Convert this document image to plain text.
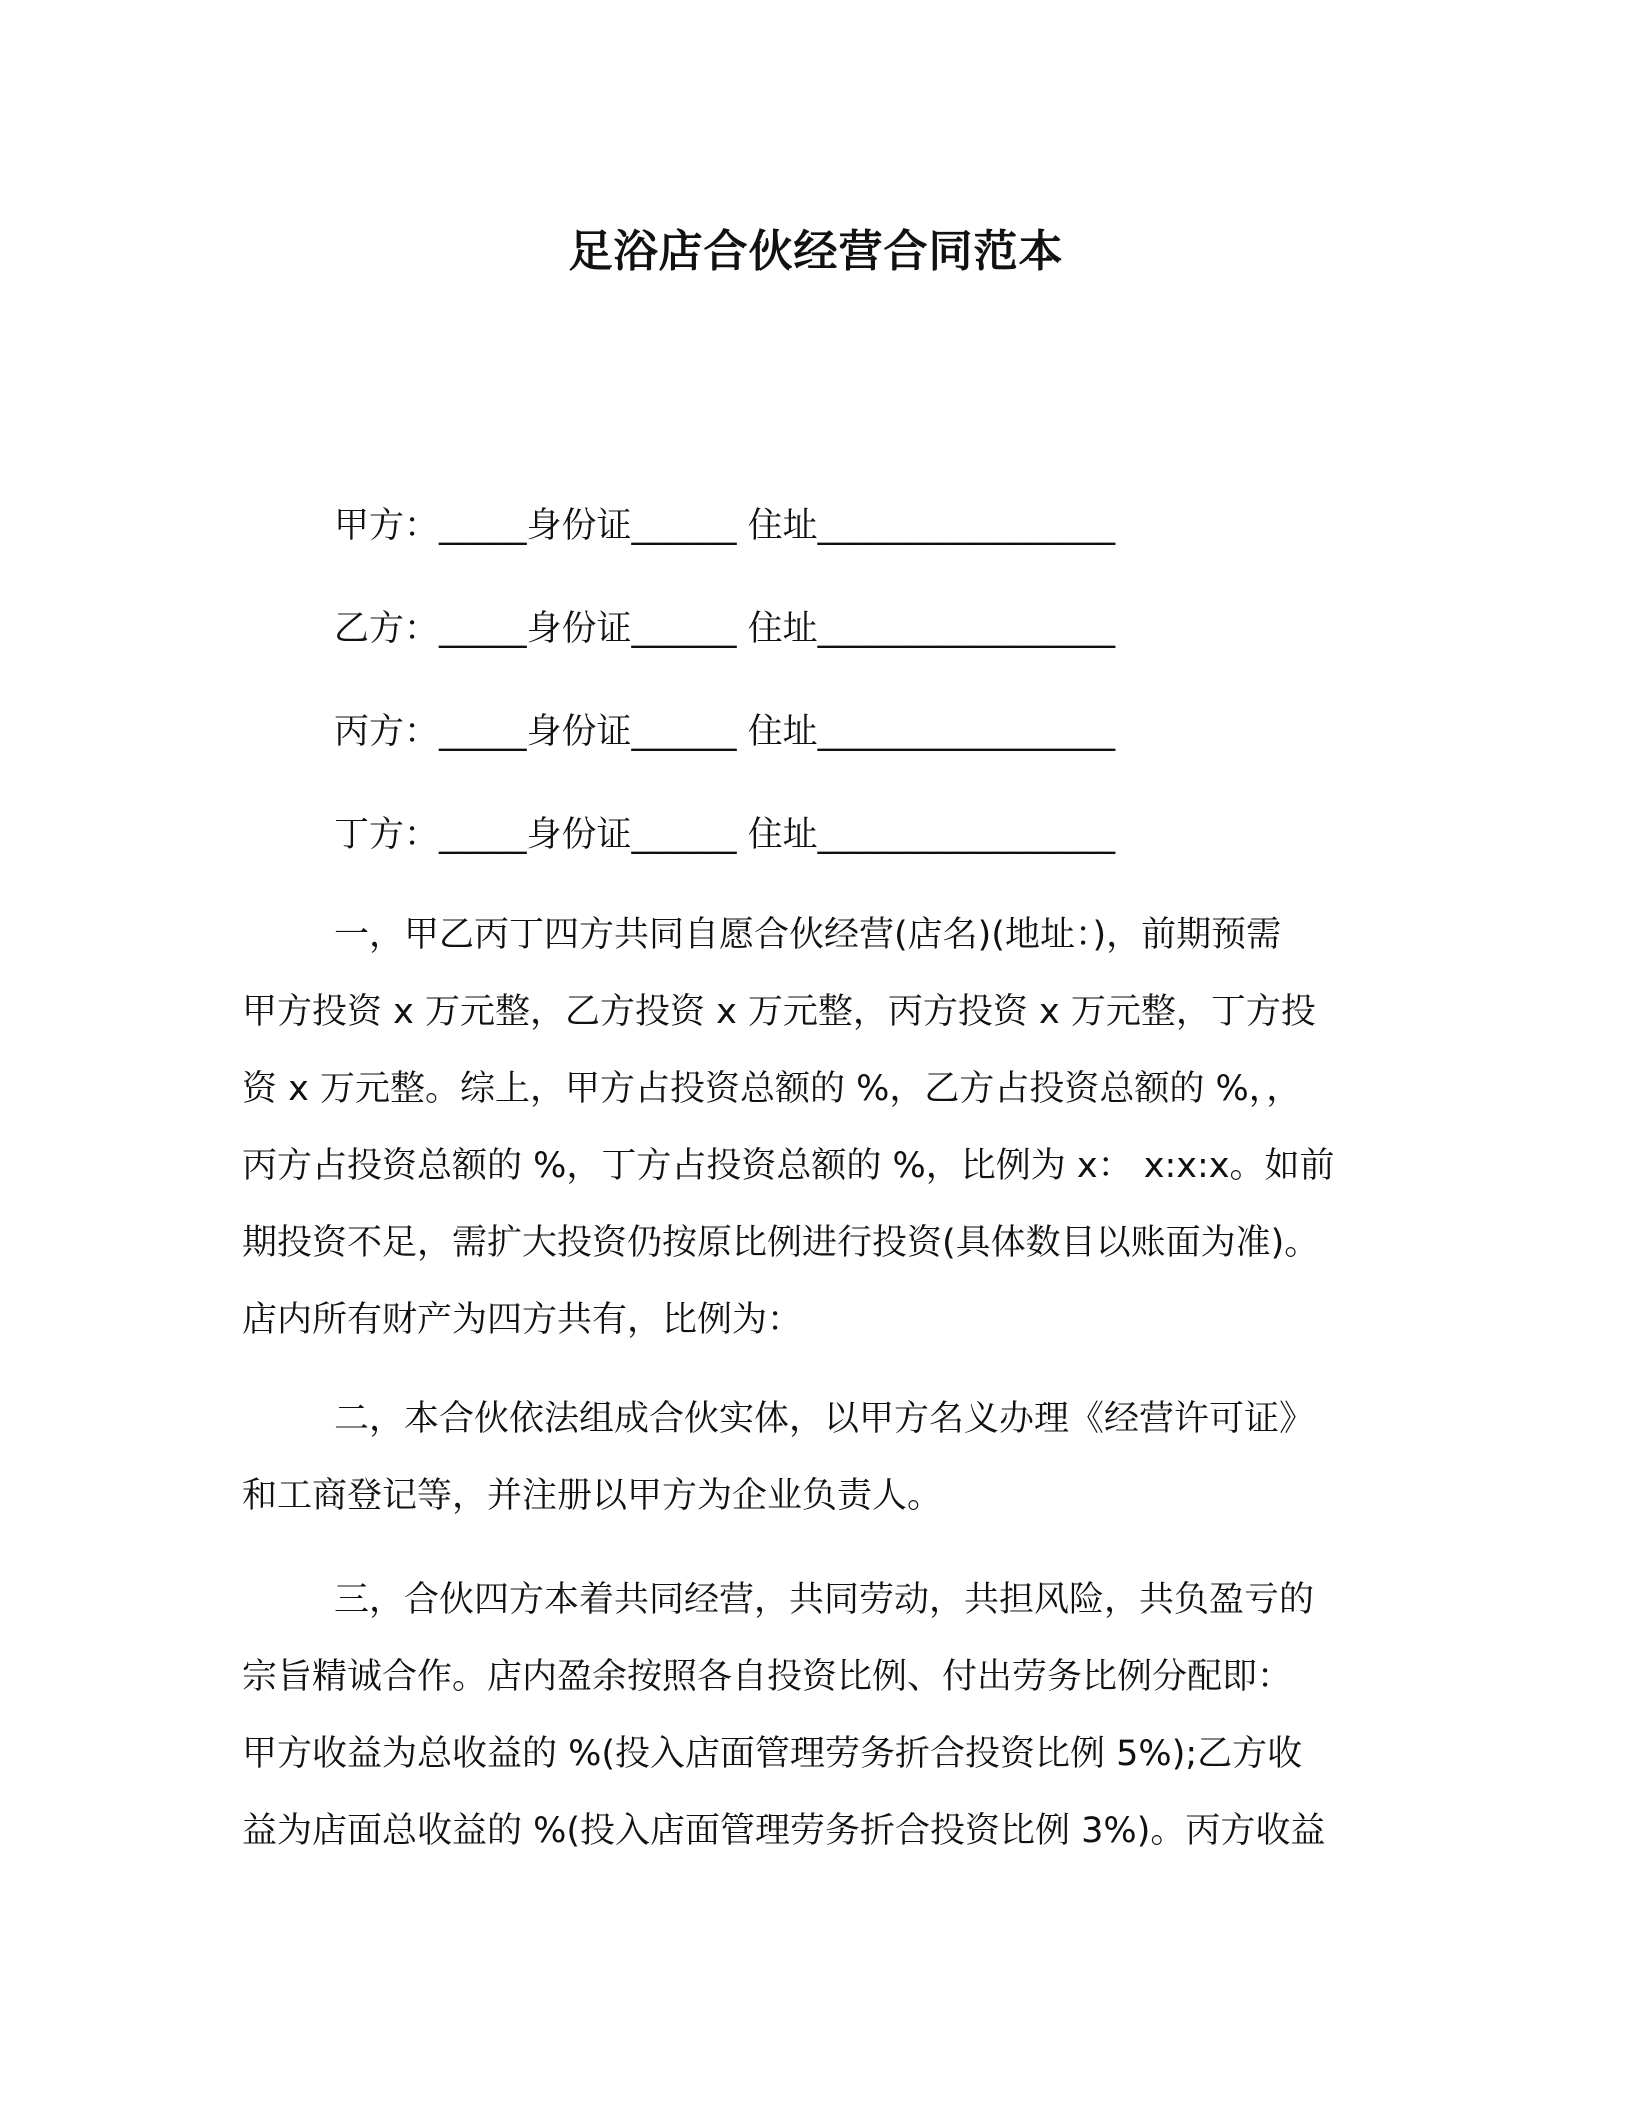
足浴店合伙经营合同范本
甲方：_____身份证______ 住址_________________
乙方：_____身份证______ 住址_________________
丙方：_____身份证______ 住址_________________
丁方：_____身份证______ 住址_________________
一，甲乙丙丁四方共同自愿合伙经营(店名)(地址：)，前期预需
甲方投资 x 万元整，乙方投资 x 万元整，丙方投资 x 万元整，丁方投
资 x 万元整。综上，甲方占投资总额的 %，乙方占投资总额的 %，，
丙方占投资总额的 %，丁方占投资总额的 %，比例为 x： x:x:x。如前
期投资不足，需扩大投资仍按原比例进行投资(具体数目以账面为准)。
店内所有财产为四方共有，比例为：
二，本合伙依法组成合伙实体，以甲方名义办理《经营许可证》
和工商登记等，并注册以甲方为企业负责人。
三，合伙四方本着共同经营，共同劳动，共担风险，共负盈亏的
宗旨精诚合作。店内盈余按照各自投资比例、付出劳务比例分配即：
甲方收益为总收益的 %(投入店面管理劳务折合投资比例 5%);乙方收
益为店面总收益的 %(投入店面管理劳务折合投资比例 3%)。丙方收益
